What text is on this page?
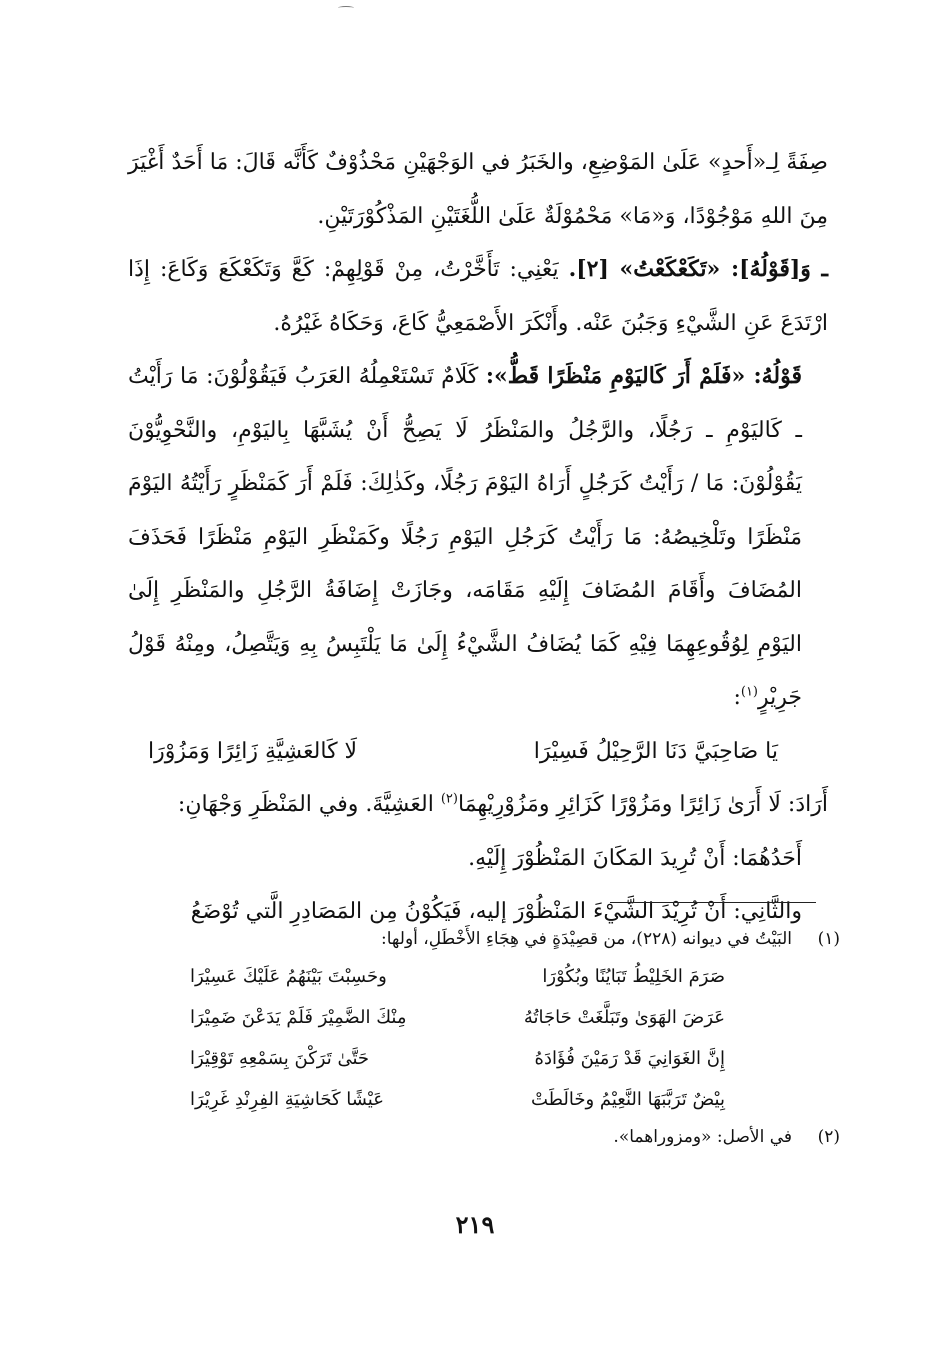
صِفَةً لِـ«أَحدٍ» عَلَىٰ المَوْضِعِ، والخَبَرُ في الوَجْهَيْنِ مَحْذُوْفٌ كَأَنَّه قَالَ: مَا أَحَدٌ أَغْيَرَ مِنَ اللهِ مَوْجُوْدًا، وَ«مَا» مَحْمُوْلَةٌ عَلَىٰ اللُّغَتَيْنِ المَذْكُوْرَتَيْنِ.

ـ وَ[قَوْلُهُ]: «تَكَعْكَعْتُ» [٢]. يَعْنِي: تَأَخَّرْتُ، مِنْ قَوْلِهِمْ: كَعَّ وَتَكَعْكَعَ وَكَاعَ: إِذَا ارْتَدَعَ عَنِ الشَّيْءِ وَجَبُنَ عَنْه. وأَنْكَرَ الأَصْمَعِيُّ كَاعَ، وَحَكَاهُ غَيْرُهُ.

قَوْلُهُ: «فَلَمْ أَرَ كَاليَوْمِ مَنْظَرًا قَطُّ»: كَلَامٌ تَسْتَعْمِلُهُ العَرَبُ فَيَقُوْلُوْنَ: مَا رَأَيْتُ ـ كَاليَوْمِ ـ رَجُلًا، والرَّجُلُ والمَنْظَرُ لَا يَصِحُّ أَنْ يُشَبَّهَا بِاليَوْمِ، والنَّحْوِيُّوْنَ يَقُوْلُوْنَ: مَا / رَأَيْتُ كَرَجُلٍ أَرَاهُ اليَوْمَ رَجُلًا، وكَذٰلِكَ: فَلَمْ أَرَ كَمَنْظَرٍ رَأَيْتُهُ اليَوْمَ مَنْظَرًا وتَلْخِيصُهُ: مَا رَأَيْتُ كَرَجُلِ اليَوْمِ رَجُلًا وكَمَنْظَرِ اليَوْمِ مَنْظَرًا فَحَذَفَ المُضَافَ وأَقَامَ المُضَافَ إِلَيْهِ مَقَامَه، وجَازَتْ إِضَافَةُ الرَّجُلِ والمَنْظَرِ إِلَىٰ اليَوْمِ لِوُقُوعِهِمَا فِيْهِ كَمَا يُضَافُ الشَّيْءُ إِلَىٰ مَا يَلْتَبِسُ بِهِ وَيَتَّصِلُ، ومِنْهُ قَوْلُ جَرِيْرٍ$^{(١)}$:

يَا صَاحِبَيَّ دَنَا الرَّحِيْلُ فَسِيْرَا
لَا كَالعَشِيَّةِ زَائِرًا وَمَزُوْرَا

أَرَادَ: لَا أَرَىٰ زَائِرًا ومَزُوْرًا كَزَائِرِ ومَزُوْرِيْهِمَا$^{(٢)}$ العَشِيَّةَ. وفي المَنْظَرِ وَجْهَانِ:

أَحَدُهُمَا: أَنْ تُرِيدَ المَكَانَ المَنْظُوْرَ إِلَيْهِ.

والثَّانِي: أَنْ تُرِيْدَ الشَّيْءَ المَنْظُوْرَ إليه، فَيَكُوْنُ مِن المَصَادِرِ الَّتي تُوْضَعُ

(١)
البَيْتُ في ديوانه (٢٢٨)، من قصِيْدَةٍ في هِجَاءِ الأَخْطَلِ، أولها:
صَرَمَ الخَلِيْطُ تَبَايُنًا وبُكُوْرَا
وحَسِبْتَ بَيْنَهُمُ عَلَيْكَ عَسِيْرَا
عَرَضَ الهَوَىٰ وتَبَلَّغَتْ حَاجَاتُهُ
مِنْكَ الضَّمِيْرَ فَلَمْ يَدَعْنَ ضَمِيْرَا
إِنَّ الغَوَانِيَ قَدْ رَمَيْنَ فُؤَادَهُ
حَتَّىٰ تَرَكْنَ بِسَمْعِهِ تَوْقِيْرَا
بِيْضٌ تَرَبَّبَهَا النَّعِيْمُ وخَالَطَتْ
عَيْشًا كَحَاشِيَةِ الفِرِنْدِ غَرِيْرَا
(٢)
في الأصل: «ومزوراهما».
٢١٩
